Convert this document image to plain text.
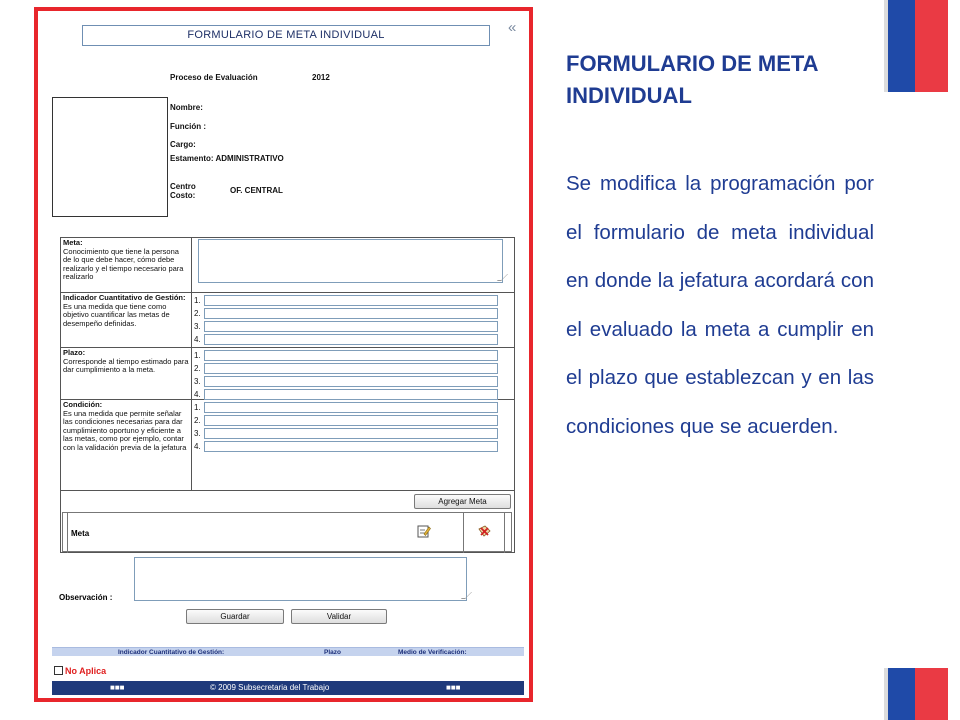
FORMULARIO DE META INDIVIDUAL	«
Proceso de Evaluación	2012
Nombre:
Función :
Cargo:
Estamento: ADMINISTRATIVO
Centro
Costo:
OF. CENTRAL
Meta:
Conocimiento que tiene la persona de lo que debe hacer, cómo debe realizarlo y el tiempo necesario para realizarlo
Indicador Cuantitativo de Gestión:
Es una medida que tiene como objetivo cuantificar las metas de desempeño definidas.
1.
2.
3.
4.
Plazo:
Corresponde al tiempo estimado para dar cumplimiento a la meta.
1.
2.
3.
4.
Condición:
Es una medida que permite señalar las condiciones necesarias para dar cumplimiento oportuno y eficiente a las metas, como por ejemplo, contar con la validación previa de la jefatura
1.
2.
3.
4.
Agregar Meta
Meta
Observación :
Guardar	Validar
Indicador Cuantitativo de Gestión:	Plazo	Medio de Verificación:
No Aplica
■■■	© 2009 Subsecretaria del Trabajo	■■■
FORMULARIO DE META INDIVIDUAL
Se modifica la programación por el formulario de meta individual en donde la jefatura acordará con el evaluado la meta a cumplir en el plazo que establezcan y en las condiciones que se acuerden.
